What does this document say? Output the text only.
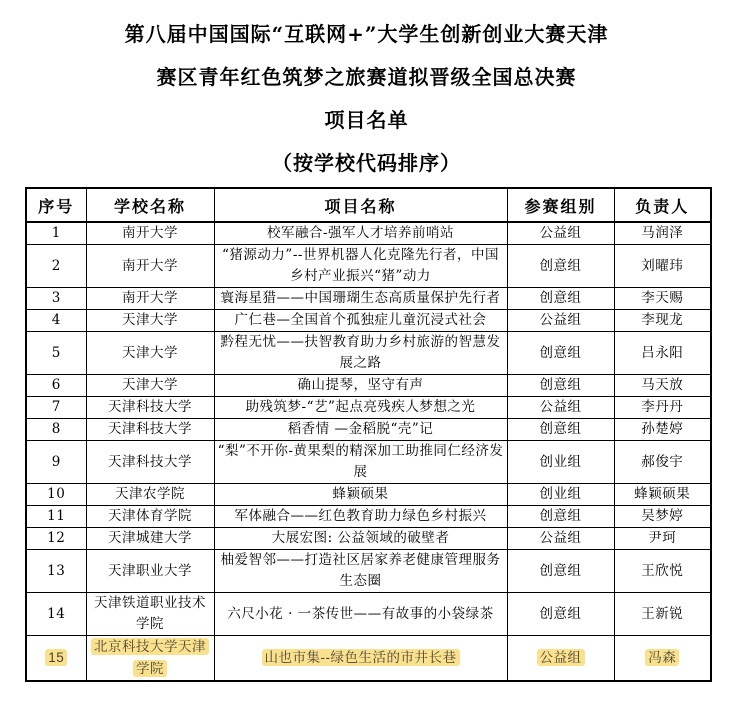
第八届中国国际“互联网+”大学生创新创业大赛天津
赛区青年红色筑梦之旅赛道拟晋级全国总决赛
项目名单
（按学校代码排序）
序号	学校名称	项目名称	参赛组别	负责人
1	南开大学	校军融合-强军人才培养前哨站	公益组	马润泽
2	南开大学	“猪源动力”--世界机器人化克隆先行者，中国乡村产业振兴“猪”动力	创意组	刘曜玮
3	南开大学	寰海星猎——中国珊瑚生态高质量保护先行者	创意组	李天赐
4	天津大学	广仁巷—全国首个孤独症儿童沉浸式社会	公益组	李现龙
5	天津大学	黔程无忧——扶智教育助力乡村旅游的智慧发展之路	创意组	吕永阳
6	天津大学	确山提琴，坚守有声	创意组	马天放
7	天津科技大学	助残筑梦-“艺”起点亮残疾人梦想之光	公益组	李丹丹
8	天津科技大学	稻香情 —金稻脱“壳”记	创意组	孙楚婷
9	天津科技大学	“梨”不开你-黄果梨的精深加工助推同仁经济发展	创业组	郝俊宇
10	天津农学院	蜂颖硕果	创业组	蜂颖硕果
11	天津体育学院	军体融合——红色教育助力绿色乡村振兴	创意组	吴梦婷
12	天津城建大学	大展宏图: 公益领域的破壁者	公益组	尹珂
13	天津职业大学	柚爱智邻——打造社区居家养老健康管理服务生态圈	创意组	王欣悦
14	天津铁道职业技术学院	六尺小花 · 一茶传世——有故事的小袋绿茶	创意组	王新锐
15	北京科技大学天津学院	山也市集--绿色生活的市井长巷	公益组	冯森
